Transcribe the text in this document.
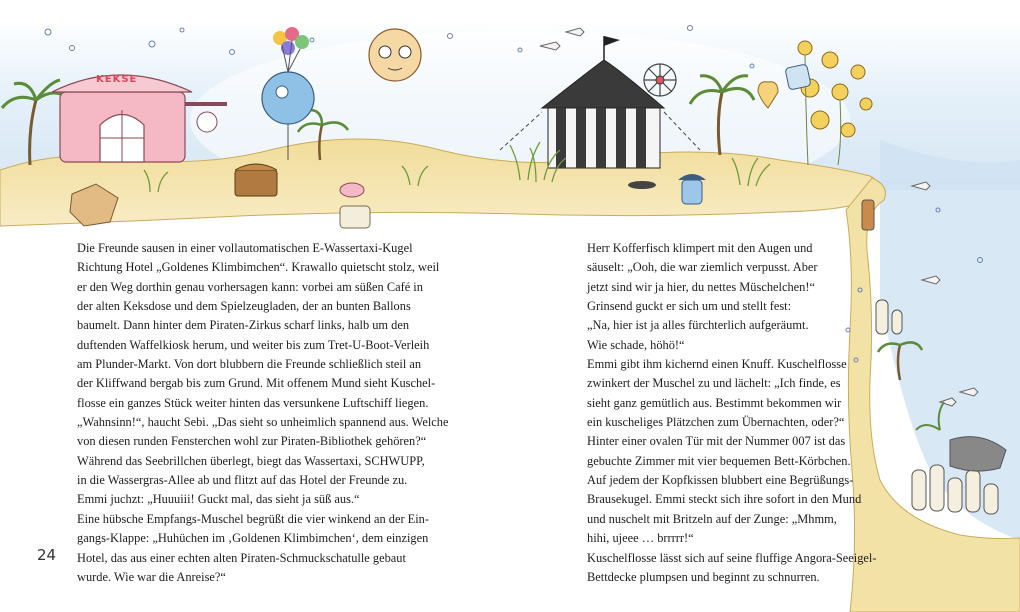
KEKSE

Die Freunde sausen in einer vollautomatischen E-Wassertaxi-Kugel

Richtung Hotel „Goldenes Klimbimchen“. Krawallo quietscht stolz, weil

er den Weg dorthin genau vorhersagen kann: vorbei am süßen Café in

der alten Keksdose und dem Spielzeugladen, der an bunten Ballons

baumelt. Dann hinter dem Piraten-Zirkus scharf links, halb um den

duftenden Waffelkiosk herum, und weiter bis zum Tret-U-Boot-Verleih

am Plunder-Markt. Von dort blubbern die Freunde schließlich steil an

der Kliffwand bergab bis zum Grund. Mit offenem Mund sieht Kuschel-

flosse ein ganzes Stück weiter hinten das versunkene Luftschiff liegen.

„Wahnsinn!“, haucht Sebi. „Das sieht so unheimlich spannend aus. Welche

von diesen runden Fensterchen wohl zur Piraten-Bibliothek gehören?“

Während das Seebrillchen überlegt, biegt das Wassertaxi, SCHWUPP,

in die Wassergras-Allee ab und flitzt auf das Hotel der Freunde zu.

Emmi juchzt: „Huuuiii! Guckt mal, das sieht ja süß aus.“

Eine hübsche Empfangs-Muschel begrüßt die vier winkend an der Ein-

gangs-Klappe: „Huhüchen im ‚Goldenen Klimbimchen‘, dem einzigen

Hotel, das aus einer echten alten Piraten-Schmuckschatulle gebaut

wurde. Wie war die Anreise?“

Herr Kofferfisch klimpert mit den Augen und

säuselt: „Ooh, die war ziemlich verpusst. Aber

jetzt sind wir ja hier, du nettes Müschelchen!“

Grinsend guckt er sich um und stellt fest:

„Na, hier ist ja alles fürchterlich aufgeräumt.

Wie schade, höhö!“

Emmi gibt ihm kichernd einen Knuff. Kuschelflosse

zwinkert der Muschel zu und lächelt: „Ich finde, es

sieht ganz gemütlich aus. Bestimmt bekommen wir

ein kuscheliges Plätzchen zum Übernachten, oder?“

Hinter einer ovalen Tür mit der Nummer 007 ist das

gebuchte Zimmer mit vier bequemen Bett-Körbchen.

Auf jedem der Kopfkissen blubbert eine Begrüßungs-

Brausekugel. Emmi steckt sich ihre sofort in den Mund

und nuschelt mit Britzeln auf der Zunge: „Mhmm,

hihi, ujeee … brrrrr!“

Kuschelflosse lässt sich auf seine fluffige Angora-Seeigel-

Bettdecke plumpsen und beginnt zu schnurren.

24
